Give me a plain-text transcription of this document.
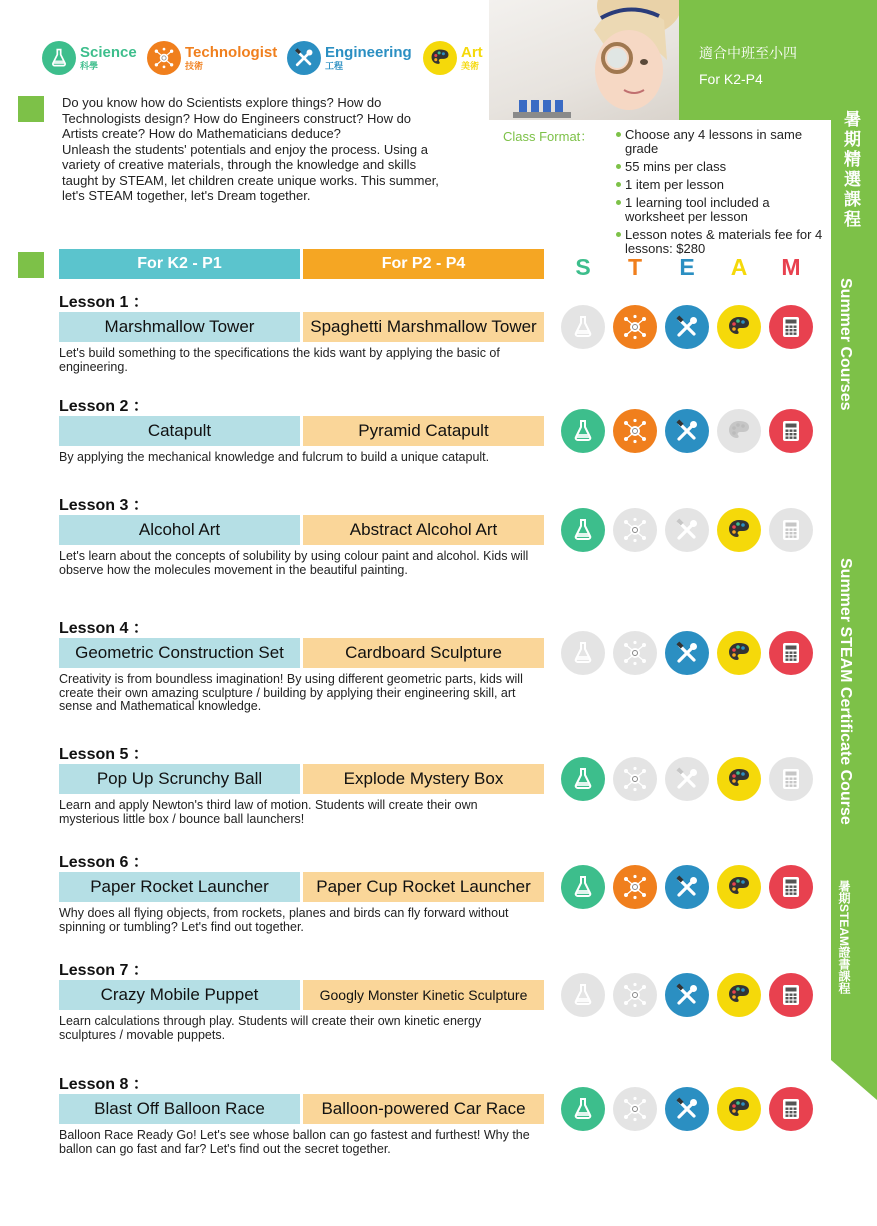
Science
科學
Technologist
技術
Engineering
工程
Art
美術
適合中班至小四
For K2-P4
暑期精選課程
Summer Courses
Summer STEAM Certificate Course
暑期STEAM證書課程

Do you know how do Scientists explore things? How do Technologists design? How do Engineers construct? How do Artists create? How do Mathematicians deduce?

Unleash the students' potentials and enjoy the process. Using a variety of creative materials, through the knowledge and skills taught by STEAM, let children create unique works. This summer, let's STEAM together, let's Dream together.

Class Format：	Choose any 4 lessons in same grade
55 mins per class
1 item per lesson
1 learning tool included a worksheet per lesson
Lesson notes & materials fee for 4 lessons: $280
For K2 - P1	For P2 - P4	S	T	E	A	M
Lesson 1 ：
Marshmallow Tower	Spaghetti Marshmallow Tower
Let's build something to the specifications the kids want by applying the basic of engineering.
Lesson 2 ：
Catapult	Pyramid Catapult
By applying the mechanical knowledge and fulcrum to build a unique catapult.
Lesson 3 ：
Alcohol Art	Abstract Alcohol Art
Let's learn about the concepts of solubility by using colour paint and alcohol. Kids will observe how the molecules movement in the beautiful painting.
Lesson 4 ：
Geometric Construction Set	Cardboard Sculpture
Creativity is from boundless imagination! By using different geometric parts, kids will create their own amazing sculpture / building by applying their engineering skill, art sense and Mathematical knowledge.
Lesson 5 ：
Pop Up Scrunchy Ball	Explode Mystery Box
Learn and apply Newton's third law of motion. Students will create their own mysterious little box / bounce ball launchers!
Lesson 6 ：
Paper Rocket Launcher	Paper Cup Rocket Launcher
Why does all flying objects, from rockets, planes and birds can fly forward without spinning or tumbling? Let's find out together.
Lesson 7 ：
Crazy Mobile Puppet	Googly Monster Kinetic Sculpture
Learn calculations through play. Students will create their own kinetic energy sculptures / movable puppets.
Lesson 8 ：
Blast Off Balloon Race	Balloon-powered Car Race
Balloon Race Ready Go! Let's see whose ballon can go fastest and furthest! Why the ballon can go fast and far? Let's find out the secret together.
